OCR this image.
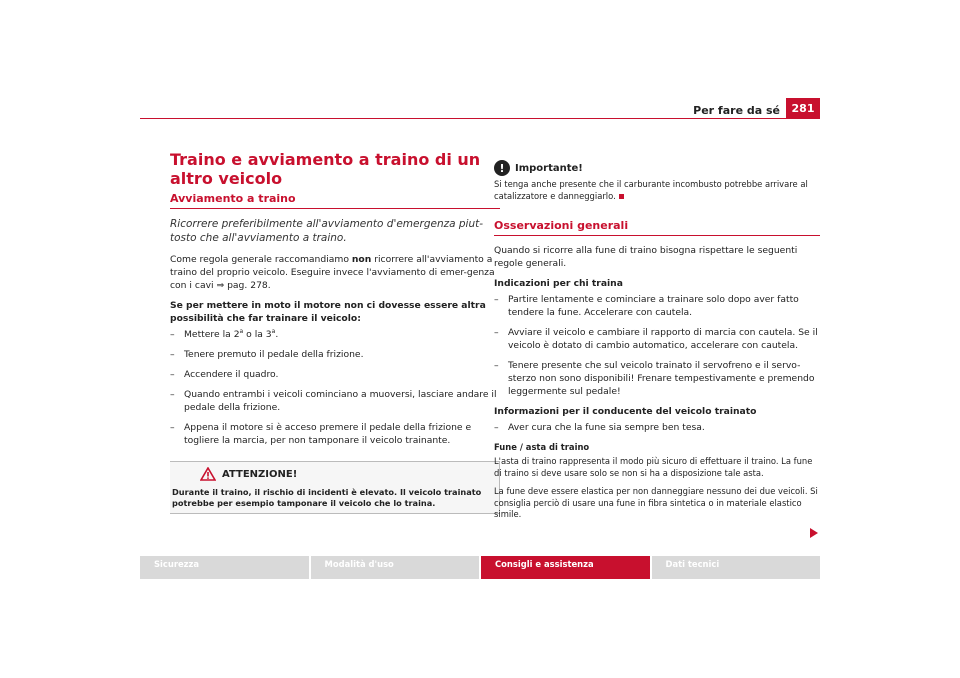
Per fare da sé	281
Traino e avviamento a traino di un altro veicolo
Avviamento a traino

Ricorrere preferibilmente all'avviamento d'emergenza piut-tosto che all'avviamento a traino.

Come regola generale raccomandiamo non ricorrere all'avviamento a traino del proprio veicolo. Eseguire invece l'avviamento di emer-genza con i cavi ⇒ pag. 278.

Se per mettere in moto il motore non ci dovesse essere altra possibilità che far trainare il veicolo:

– Mettere la 2$^a$ o la 3$^a$.
– Tenere premuto il pedale della frizione.
– Accendere il quadro.
– Quando entrambi i veicoli cominciano a muoversi, lasciare andare il pedale della frizione.
– Appena il motore si è acceso premere il pedale della frizione e togliere la marcia, per non tamponare il veicolo trainante.
ATTENZIONE!
Durante il traino, il rischio di incidenti è elevato. Il veicolo trainato potrebbe per esempio tamponare il veicolo che lo traina.
!	Importante!

Si tenga anche presente che il carburante incombusto potrebbe arrivare al catalizzatore e danneggiarlo.

Osservazioni generali

Quando si ricorre alla fune di traino bisogna rispettare le seguenti regole generali.

Indicazioni per chi traina

– Partire lentamente e cominciare a trainare solo dopo aver fatto tendere la fune. Accelerare con cautela.
– Avviare il veicolo e cambiare il rapporto di marcia con cautela. Se il veicolo è dotato di cambio automatico, accelerare con cautela.
– Tenere presente che sul veicolo trainato il servofreno e il servo-sterzo non sono disponibili! Frenare tempestivamente e premendo leggermente sul pedale!

Informazioni per il conducente del veicolo trainato

– Aver cura che la fune sia sempre ben tesa.
Fune / asta di traino

L'asta di traino rappresenta il modo più sicuro di effettuare il traino. La fune di traino si deve usare solo se non si ha a disposizione tale asta.

La fune deve essere elastica per non danneggiare nessuno dei due veicoli. Si consiglia perciò di usare una fune in fibra sintetica o in materiale elastico simile.

Sicurezza	Modalità d'uso	Consigli e assistenza	Dati tecnici
